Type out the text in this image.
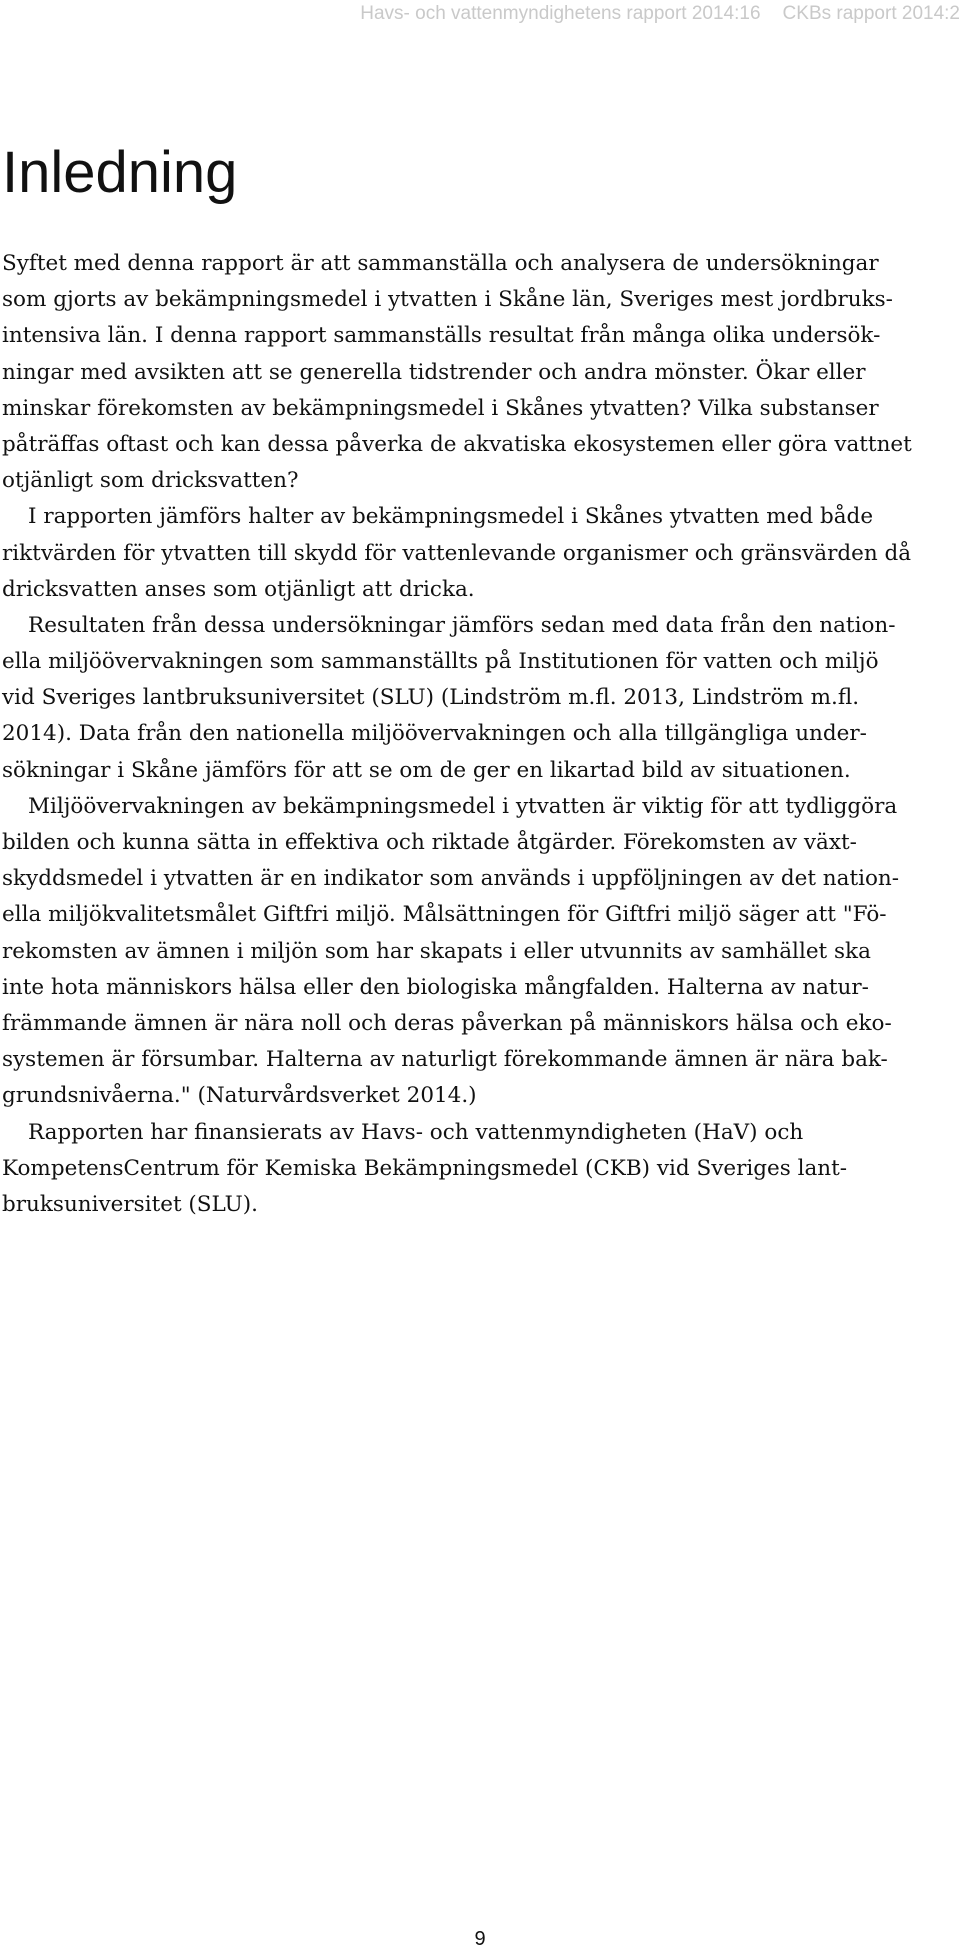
Havs- och vattenmyndighetens rapport 2014:16 CKBs rapport 2014:2
Inledning
Syftet med denna rapport är att sammanställa och analysera de undersökningar
som gjorts av bekämpningsmedel i ytvatten i Skåne län, Sveriges mest jordbruks-
intensiva län. I denna rapport sammanställs resultat från många olika undersök-
ningar med avsikten att se generella tidstrender och andra mönster. Ökar eller
minskar förekomsten av bekämpningsmedel i Skånes ytvatten? Vilka substanser
påträffas oftast och kan dessa påverka de akvatiska ekosystemen eller göra vattnet
otjänligt som dricksvatten?
I rapporten jämförs halter av bekämpningsmedel i Skånes ytvatten med både
riktvärden för ytvatten till skydd för vattenlevande organismer och gränsvärden då
dricksvatten anses som otjänligt att dricka.
Resultaten från dessa undersökningar jämförs sedan med data från den nation-
ella miljöövervakningen som sammanställts på Institutionen för vatten och miljö
vid Sveriges lantbruksuniversitet (SLU) (Lindström m.fl. 2013, Lindström m.fl.
2014). Data från den nationella miljöövervakningen och alla tillgängliga under-
sökningar i Skåne jämförs för att se om de ger en likartad bild av situationen.
Miljöövervakningen av bekämpningsmedel i ytvatten är viktig för att tydliggöra
bilden och kunna sätta in effektiva och riktade åtgärder. Förekomsten av växt-
skyddsmedel i ytvatten är en indikator som används i uppföljningen av det nation-
ella miljökvalitetsmålet Giftfri miljö. Målsättningen för Giftfri miljö säger att "Fö-
rekomsten av ämnen i miljön som har skapats i eller utvunnits av samhället ska
inte hota människors hälsa eller den biologiska mångfalden. Halterna av natur-
främmande ämnen är nära noll och deras påverkan på människors hälsa och eko-
systemen är försumbar. Halterna av naturligt förekommande ämnen är nära bak-
grundsnivåerna." (Naturvårdsverket 2014.)
Rapporten har finansierats av Havs- och vattenmyndigheten (HaV) och
KompetensCentrum för Kemiska Bekämpningsmedel (CKB) vid Sveriges lant-
bruksuniversitet (SLU).
9
